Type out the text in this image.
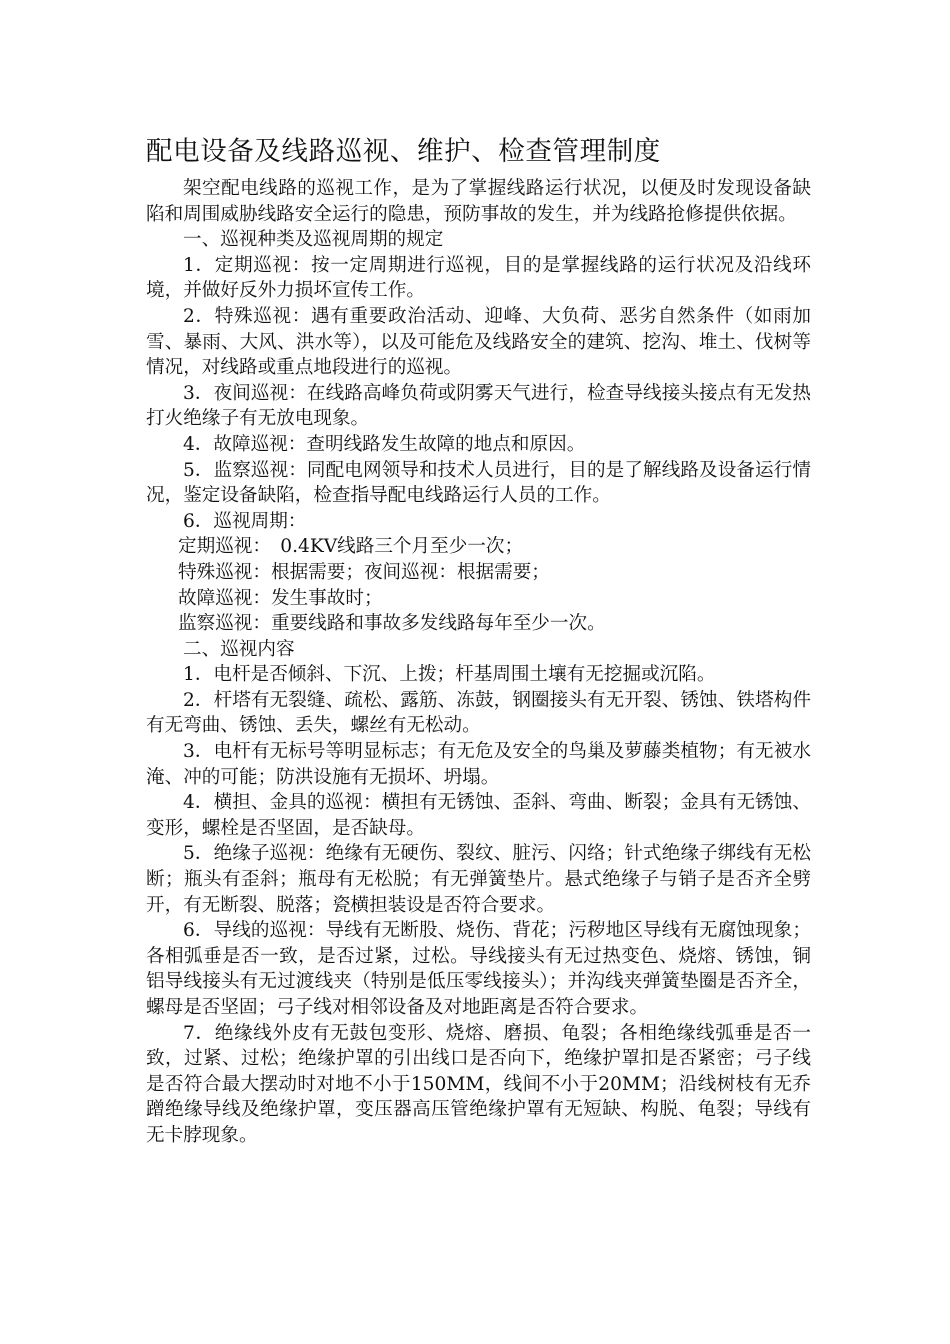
配电设备及线路巡视、维护、检查管理制度

架空配电线路的巡视工作，是为了掌握线路运行状况，以便及时发现设备缺陷和周围威胁线路安全运行的隐患，预防事故的发生，并为线路抢修提供依据。

一、巡视种类及巡视周期的规定

1．定期巡视：按一定周期进行巡视，目的是掌握线路的运行状况及沿线环境，并做好反外力损坏宣传工作。

2．特殊巡视：遇有重要政治活动、迎峰、大负荷、恶劣自然条件（如雨加雪、暴雨、大风、洪水等），以及可能危及线路安全的建筑、挖沟、堆土、伐树等情况，对线路或重点地段进行的巡视。

3．夜间巡视：在线路高峰负荷或阴雾天气进行，检查导线接头接点有无发热打火绝缘子有无放电现象。

4．故障巡视：查明线路发生故障的地点和原因。

5．监察巡视：同配电网领导和技术人员进行，目的是了解线路及设备运行情况，鉴定设备缺陷，检查指导配电线路运行人员的工作。

6．巡视周期：

定期巡视：　0.4KV线路三个月至少一次；

特殊巡视：根据需要；夜间巡视：根据需要；

故障巡视：发生事故时；

监察巡视：重要线路和事故多发线路每年至少一次。

二、巡视内容

1．电杆是否倾斜、下沉、上拨；杆基周围土壤有无挖掘或沉陷。

2．杆塔有无裂缝、疏松、露筋、冻鼓，钢圈接头有无开裂、锈蚀、铁塔构件有无弯曲、锈蚀、丢失，螺丝有无松动。

3．电杆有无标号等明显标志；有无危及安全的鸟巢及萝藤类植物；有无被水淹、冲的可能；防洪设施有无损坏、坍塌。

4．横担、金具的巡视：横担有无锈蚀、歪斜、弯曲、断裂；金具有无锈蚀、变形，螺栓是否坚固，是否缺母。

5．绝缘子巡视：绝缘有无硬伤、裂纹、脏污、闪络；针式绝缘子绑线有无松断；瓶头有歪斜；瓶母有无松脱；有无弹簧垫片。悬式绝缘子与销子是否齐全劈开，有无断裂、脱落；瓷横担装设是否符合要求。

6．导线的巡视：导线有无断股、烧伤、背花；污秽地区导线有无腐蚀现象；各相弧垂是否一致，是否过紧，过松。导线接头有无过热变色、烧熔、锈蚀，铜铝导线接头有无过渡线夹（特别是低压零线接头）；并沟线夹弹簧垫圈是否齐全，螺母是否坚固；弓子线对相邻设备及对地距离是否符合要求。

7．绝缘线外皮有无鼓包变形、烧熔、磨损、龟裂；各相绝缘线弧垂是否一致，过紧、过松；绝缘护罩的引出线口是否向下，绝缘护罩扣是否紧密；弓子线是否符合最大摆动时对地不小于150MM，线间不小于20MM；沿线树枝有无乔蹭绝缘导线及绝缘护罩，变压器高压管绝缘护罩有无短缺、构脱、龟裂；导线有无卡脖现象。
